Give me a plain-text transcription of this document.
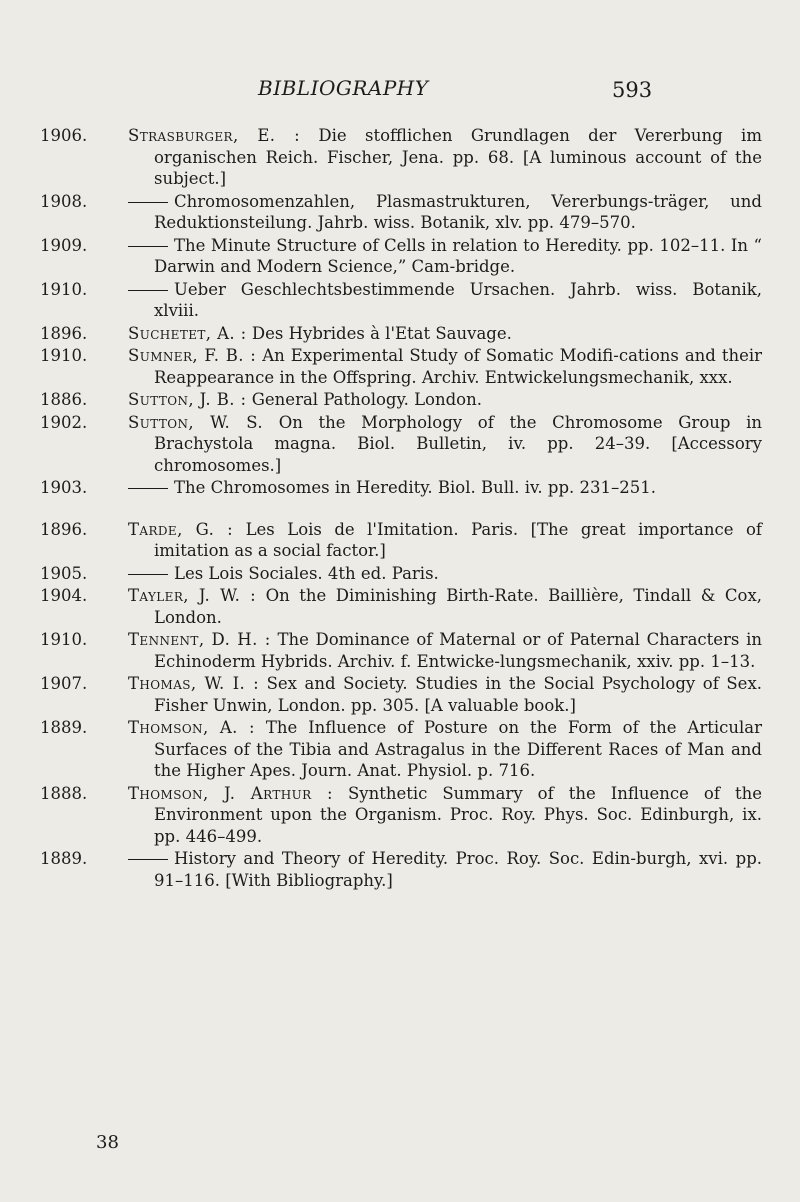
BIBLIOGRAPHY	593
1906.	Strasburger, E. : Die stofflichen Grundlagen der Vererbung im organischen Reich. Fischer, Jena. pp. 68. [A luminous account of the subject.]
1908.	Chromosomenzahlen, Plasmastrukturen, Vererbungs-träger, und Reduktionsteilung. Jahrb. wiss. Botanik, xlv. pp. 479–570.
1909.	The Minute Structure of Cells in relation to Heredity. pp. 102–11. In “ Darwin and Modern Science,” Cam-bridge.
1910.	Ueber Geschlechtsbestimmende Ursachen. Jahrb. wiss. Botanik, xlviii.
1896.	Suchetet, A. : Des Hybrides à l'Etat Sauvage.
1910.	Sumner, F. B. : An Experimental Study of Somatic Modifi-cations and their Reappearance in the Offspring. Archiv. Entwickelungsmechanik, xxx.
1886.	Sutton, J. B. : General Pathology. London.
1902.	Sutton, W. S. On the Morphology of the Chromosome Group in Brachystola magna. Biol. Bulletin, iv. pp. 24–39. [Accessory chromosomes.]
1903.	The Chromosomes in Heredity. Biol. Bull. iv. pp. 231–251.
1896.	Tarde, G. : Les Lois de l'Imitation. Paris. [The great importance of imitation as a social factor.]
1905.	Les Lois Sociales. 4th ed. Paris.
1904.	Tayler, J. W. : On the Diminishing Birth-Rate. Baillière, Tindall & Cox, London.
1910.	Tennent, D. H. : The Dominance of Maternal or of Paternal Characters in Echinoderm Hybrids. Archiv. f. Entwicke-lungsmechanik, xxiv. pp. 1–13.
1907.	Thomas, W. I. : Sex and Society. Studies in the Social Psychology of Sex. Fisher Unwin, London. pp. 305. [A valuable book.]
1889.	Thomson, A. : The Influence of Posture on the Form of the Articular Surfaces of the Tibia and Astragalus in the Different Races of Man and the Higher Apes. Journ. Anat. Physiol. p. 716.
1888.	Thomson, J. Arthur : Synthetic Summary of the Influence of the Environment upon the Organism. Proc. Roy. Phys. Soc. Edinburgh, ix. pp. 446–499.
1889.	History and Theory of Heredity. Proc. Roy. Soc. Edin-burgh, xvi. pp. 91–116. [With Bibliography.]
38
